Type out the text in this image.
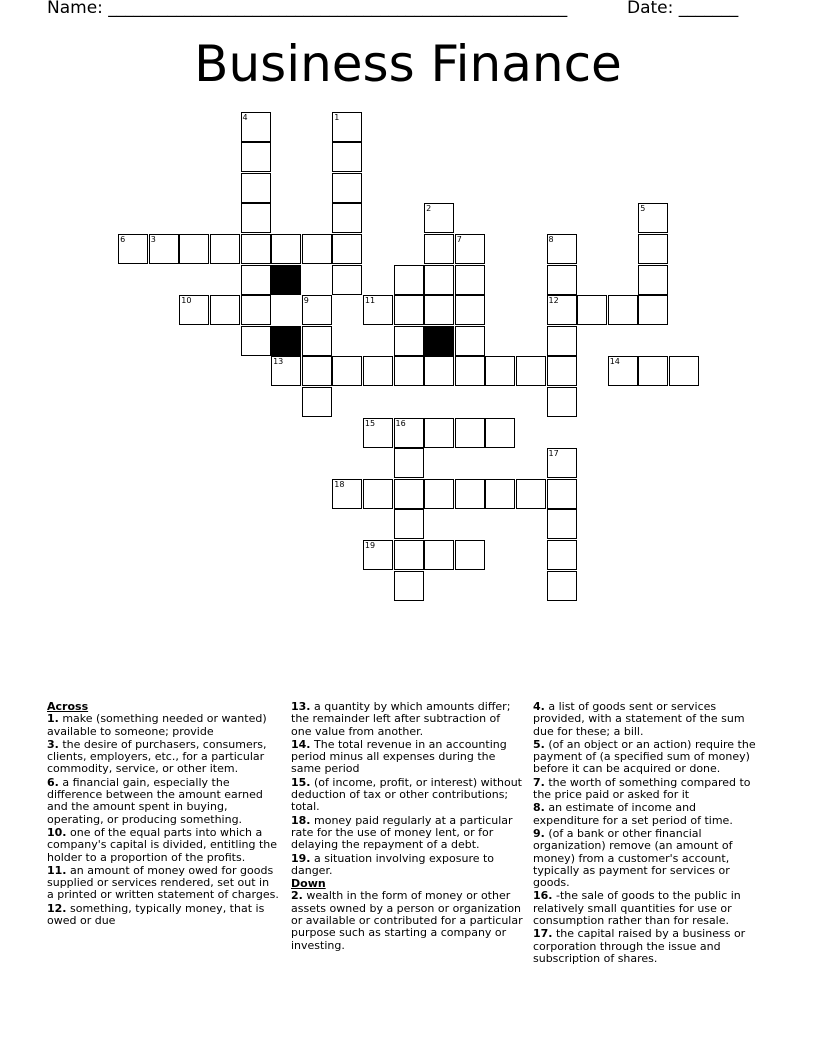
Name: ______________________________________________________	Date: _______
Business Finance
1
2
3
4
5
6	7	8
12
9
10	11
13	14
15	16
17
18
19
Across
1. make (something needed or wanted) available to someone; provide
3. the desire of purchasers, consumers, clients, employers, etc., for a particular commodity, service, or other item.
6. a financial gain, especially the difference between the amount earned and the amount spent in buying, operating, or producing something.
10. one of the equal parts into which a company's capital is divided, entitling the holder to a proportion of the profits.
11. an amount of money owed for goods supplied or services rendered, set out in a printed or written statement of charges.
12. something, typically money, that is owed or due
13. a quantity by which amounts differ; the remainder left after subtraction of one value from another.
14. The total revenue in an accounting period minus all expenses during the same period
15. (of income, profit, or interest) without deduction of tax or other contributions; total.
18. money paid regularly at a particular rate for the use of money lent, or for delaying the repayment of a debt.
19. a situation involving exposure to danger.
Down
2. wealth in the form of money or other assets owned by a person or organization or available or contributed for a particular purpose such as starting a company or investing.
4. a list of goods sent or services provided, with a statement of the sum due for these; a bill.
5. (of an object or an action) require the payment of (a specified sum of money) before it can be acquired or done.
7. the worth of something compared to the price paid or asked for it
8. an estimate of income and expenditure for a set period of time.
9. (of a bank or other financial organization) remove (an amount of money) from a customer's account, typically as payment for services or goods.
16. -the sale of goods to the public in relatively small quantities for use or consumption rather than for resale.
17. the capital raised by a business or corporation through the issue and subscription of shares.
